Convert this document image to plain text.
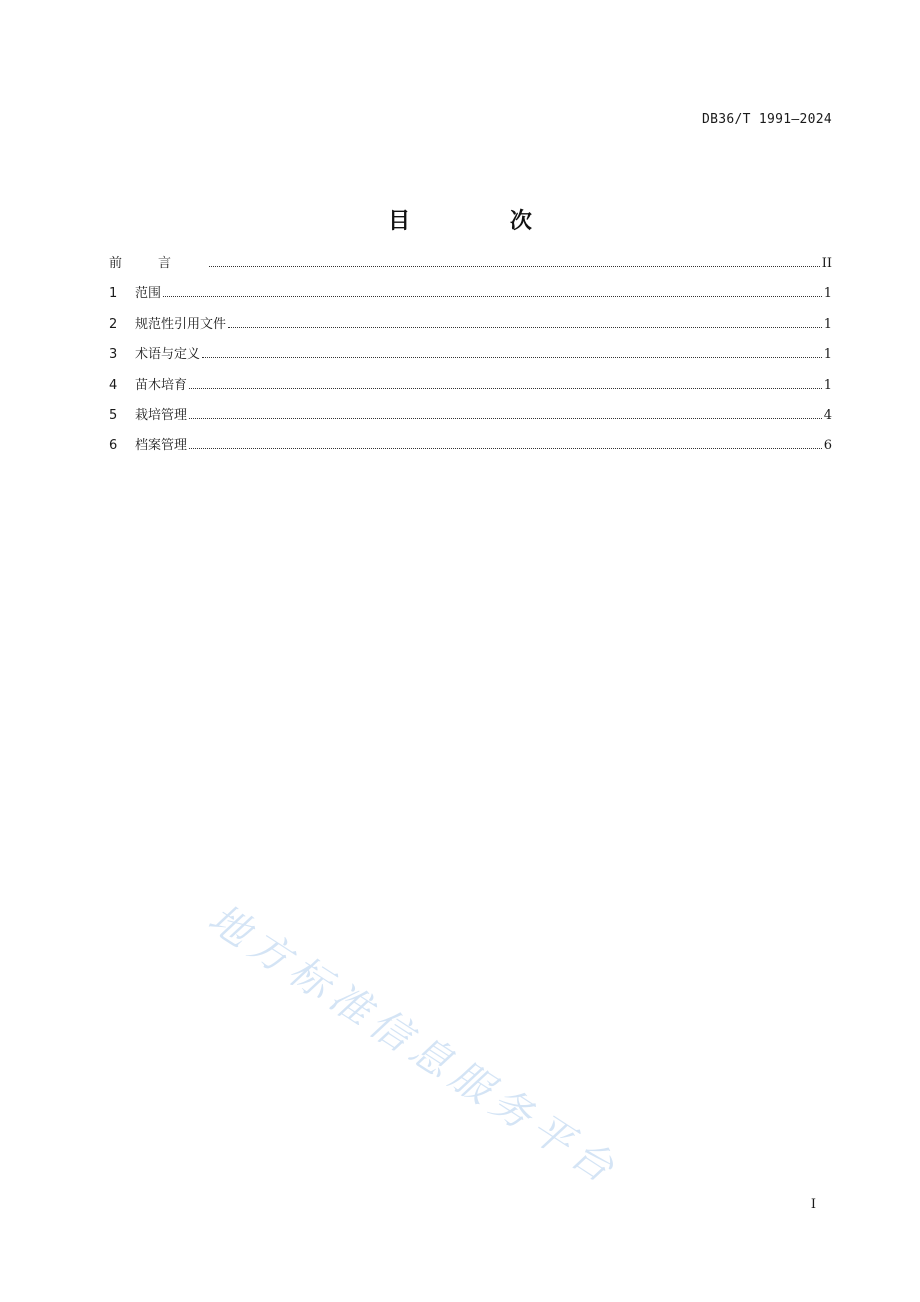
DB36/T 1991—2024
目 次
前言	II
1	范围	1
2	规范性引用文件	1
3	术语与定义	1
4	苗木培育	1
5	栽培管理	4
6	档案管理	6
地方标准信息服务平台
I
